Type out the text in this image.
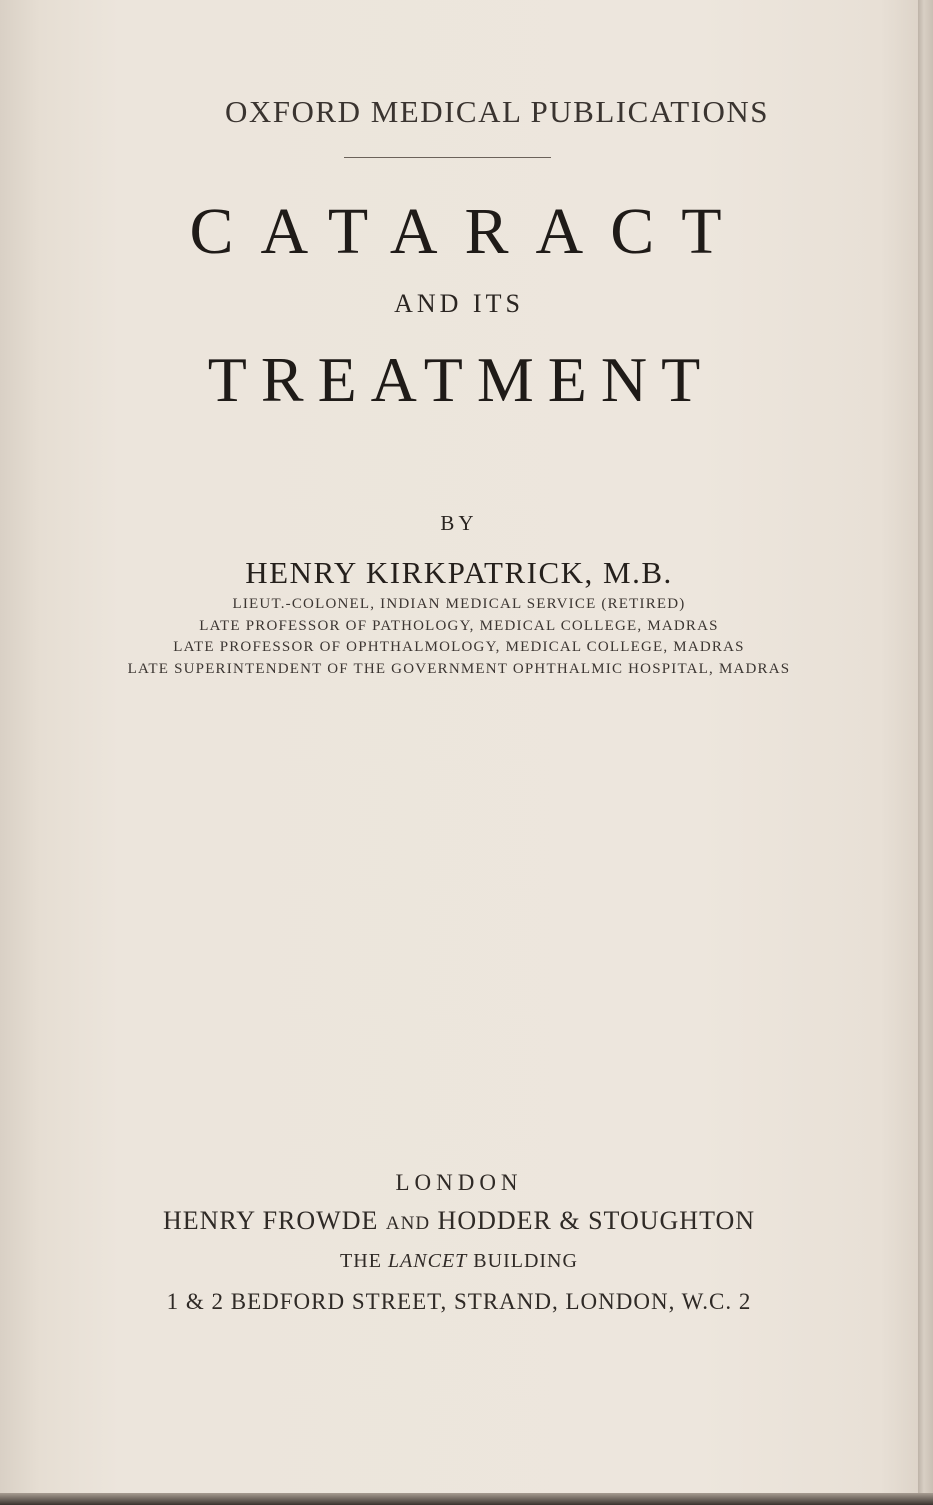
OXFORD MEDICAL PUBLICATIONS
CATARACT
AND ITS
TREATMENT
BY
HENRY KIRKPATRICK, M.B.
LIEUT.-COLONEL, INDIAN MEDICAL SERVICE (RETIRED)
LATE PROFESSOR OF PATHOLOGY, MEDICAL COLLEGE, MADRAS
LATE PROFESSOR OF OPHTHALMOLOGY, MEDICAL COLLEGE, MADRAS
LATE SUPERINTENDENT OF THE GOVERNMENT OPHTHALMIC HOSPITAL, MADRAS
LONDON
HENRY FROWDE AND HODDER & STOUGHTON
THE LANCET BUILDING
1 & 2 BEDFORD STREET, STRAND, LONDON, W.C. 2
